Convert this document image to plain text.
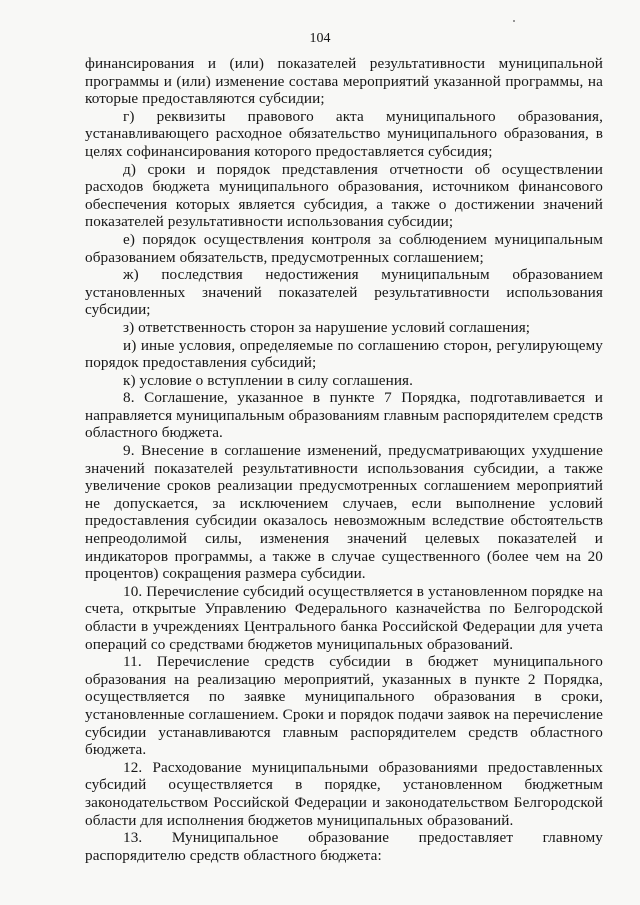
104

финансирования и (или) показателей результативности муниципальной программы и (или) изменение состава мероприятий указанной программы, на которые предоставляются субсидии;

г) реквизиты правового акта муниципального образования, устанавливающего расходное обязательство муниципального образования, в целях софинансирования которого предоставляется субсидия;

д) сроки и порядок представления отчетности об осуществлении расходов бюджета муниципального образования, источником финансового обеспечения которых является субсидия, а также о достижении значений показателей результативности использования субсидии;

е) порядок осуществления контроля за соблюдением муниципальным образованием обязательств, предусмотренных соглашением;

ж) последствия недостижения муниципальным образованием установленных значений показателей результативности использования субсидии;

з) ответственность сторон за нарушение условий соглашения;

и) иные условия, определяемые по соглашению сторон, регулирующему порядок предоставления субсидий;

к) условие о вступлении в силу соглашения.

8. Соглашение, указанное в пункте 7 Порядка, подготавливается и направляется муниципальным образованиям главным распорядителем средств областного бюджета.

9. Внесение в соглашение изменений, предусматривающих ухудшение значений показателей результативности использования субсидии, а также увеличение сроков реализации предусмотренных соглашением мероприятий не допускается, за исключением случаев, если выполнение условий предоставления субсидии оказалось невозможным вследствие обстоятельств непреодолимой силы, изменения значений целевых показателей и индикаторов программы, а также в случае существенного (более чем на 20 процентов) сокращения размера субсидии.

10. Перечисление субсидий осуществляется в установленном порядке на счета, открытые Управлению Федерального казначейства по Белгородской области в учреждениях Центрального банка Российской Федерации для учета операций со средствами бюджетов муниципальных образований.

11. Перечисление средств субсидии в бюджет муниципального образования на реализацию мероприятий, указанных в пункте 2 Порядка, осуществляется по заявке муниципального образования в сроки, установленные соглашением. Сроки и порядок подачи заявок на перечисление субсидии устанавливаются главным распорядителем средств областного бюджета.

12. Расходование муниципальными образованиями предоставленных субсидий осуществляется в порядке, установленном бюджетным законодательством Российской Федерации и законодательством Белгородской области для исполнения бюджетов муниципальных образований.

13. Муниципальное образование предоставляет главному распорядителю средств областного бюджета:
